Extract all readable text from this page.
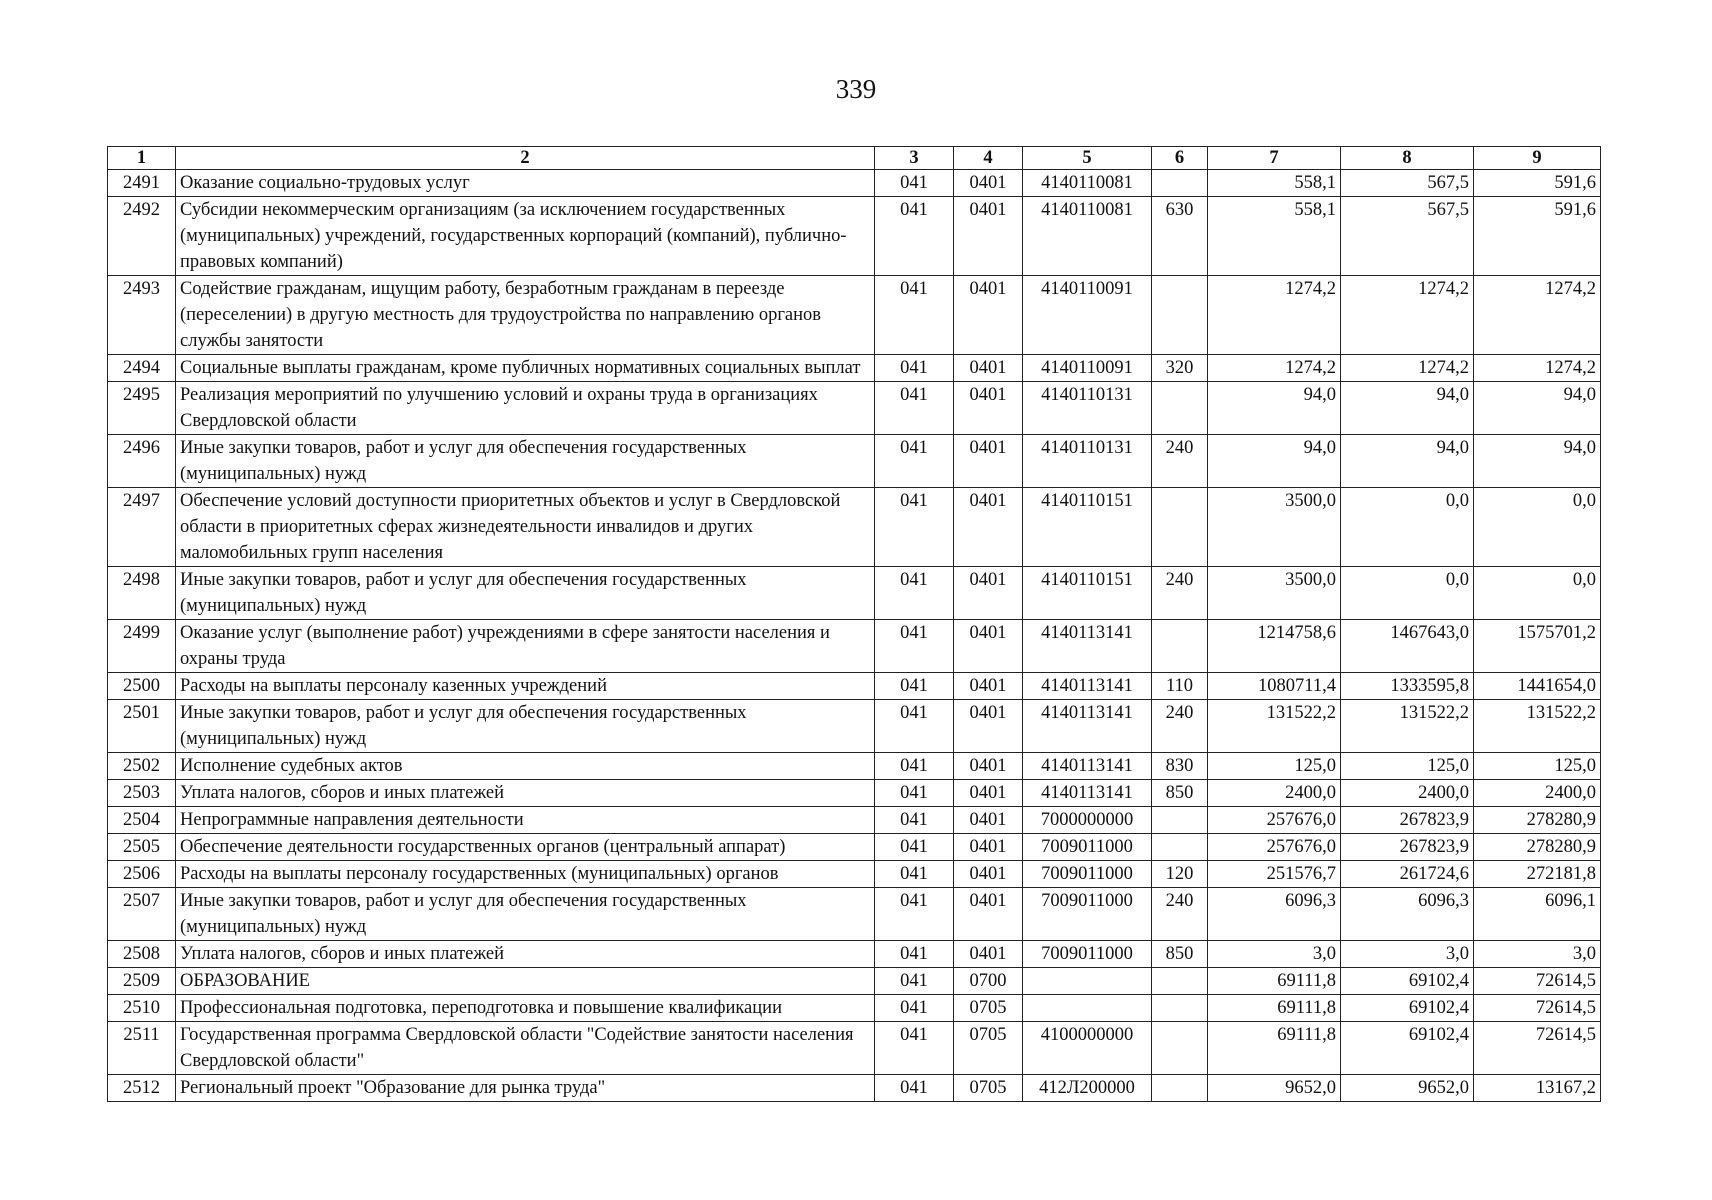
339
1	2	3	4	5	6	7	8	9
2491	Оказание социально-трудовых услуг	041	0401	4140110081		558,1	567,5	591,6
2492	Субсидии некоммерческим организациям (за исключением государственных (муниципальных) учреждений, государственных корпораций (компаний), публично-правовых компаний)	041	0401	4140110081	630	558,1	567,5	591,6
2493	Содействие гражданам, ищущим работу, безработным гражданам в переезде (переселении) в другую местность для трудоустройства по направлению органов службы занятости	041	0401	4140110091		1274,2	1274,2	1274,2
2494	Социальные выплаты гражданам, кроме публичных нормативных социальных выплат	041	0401	4140110091	320	1274,2	1274,2	1274,2
2495	Реализация мероприятий по улучшению условий и охраны труда в организациях Свердловской области	041	0401	4140110131		94,0	94,0	94,0
2496	Иные закупки товаров, работ и услуг для обеспечения государственных (муниципальных) нужд	041	0401	4140110131	240	94,0	94,0	94,0
2497	Обеспечение условий доступности приоритетных объектов и услуг в Свердловской области в приоритетных сферах жизнедеятельности инвалидов и других маломобильных групп населения	041	0401	4140110151		3500,0	0,0	0,0
2498	Иные закупки товаров, работ и услуг для обеспечения государственных (муниципальных) нужд	041	0401	4140110151	240	3500,0	0,0	0,0
2499	Оказание услуг (выполнение работ) учреждениями в сфере занятости населения и охраны труда	041	0401	4140113141		1214758,6	1467643,0	1575701,2
2500	Расходы на выплаты персоналу казенных учреждений	041	0401	4140113141	110	1080711,4	1333595,8	1441654,0
2501	Иные закупки товаров, работ и услуг для обеспечения государственных (муниципальных) нужд	041	0401	4140113141	240	131522,2	131522,2	131522,2
2502	Исполнение судебных актов	041	0401	4140113141	830	125,0	125,0	125,0
2503	Уплата налогов, сборов и иных платежей	041	0401	4140113141	850	2400,0	2400,0	2400,0
2504	Непрограммные направления деятельности	041	0401	7000000000		257676,0	267823,9	278280,9
2505	Обеспечение деятельности государственных органов (центральный аппарат)	041	0401	7009011000		257676,0	267823,9	278280,9
2506	Расходы на выплаты персоналу государственных (муниципальных) органов	041	0401	7009011000	120	251576,7	261724,6	272181,8
2507	Иные закупки товаров, работ и услуг для обеспечения государственных (муниципальных) нужд	041	0401	7009011000	240	6096,3	6096,3	6096,1
2508	Уплата налогов, сборов и иных платежей	041	0401	7009011000	850	3,0	3,0	3,0
2509	ОБРАЗОВАНИЕ	041	0700			69111,8	69102,4	72614,5
2510	Профессиональная подготовка, переподготовка и повышение квалификации	041	0705			69111,8	69102,4	72614,5
2511	Государственная программа Свердловской области "Содействие занятости населения Свердловской области"	041	0705	4100000000		69111,8	69102,4	72614,5
2512	Региональный проект "Образование для рынка труда"	041	0705	412Л200000		9652,0	9652,0	13167,2
